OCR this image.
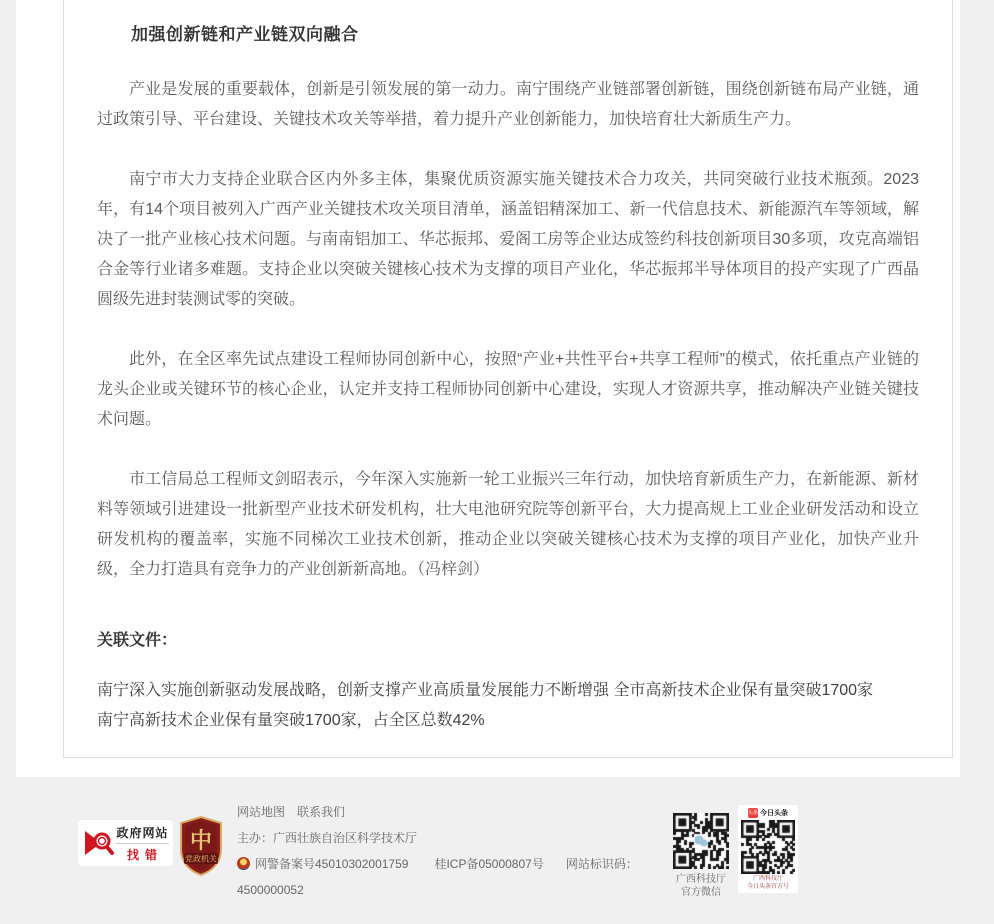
加强创新链和产业链双向融合

产业是发展的重要载体，创新是引领发展的第一动力。南宁围绕产业链部署创新链，围绕创新链布局产业链，通过政策引导、平台建设、关键技术攻关等举措，着力提升产业创新能力，加快培育壮大新质生产力。

南宁市大力支持企业联合区内外多主体，集聚优质资源实施关键技术合力攻关，共同突破行业技术瓶颈。2023年，有14个项目被列入广西产业关键技术攻关项目清单，涵盖铝精深加工、新一代信息技术、新能源汽车等领域，解决了一批产业核心技术问题。与南南铝加工、华芯振邦、爱阁工房等企业达成签约科技创新项目30多项，攻克高端铝合金等行业诸多难题。支持企业以突破关键核心技术为支撑的项目产业化，华芯振邦半导体项目的投产实现了广西晶圆级先进封装测试零的突破。

此外，在全区率先试点建设工程师协同创新中心，按照“产业+共性平台+共享工程师”的模式，依托重点产业链的龙头企业或关键环节的核心企业，认定并支持工程师协同创新中心建设，实现人才资源共享，推动解决产业链关键技术问题。

市工信局总工程师文剑昭表示，今年深入实施新一轮工业振兴三年行动，加快培育新质生产力，在新能源、新材料等领域引进建设一批新型产业技术研发机构，壮大电池研究院等创新平台，大力提高规上工业企业研发活动和设立研发机构的覆盖率，实施不同梯次工业技术创新，推动企业以突破关键核心技术为支撑的项目产业化，加快产业升级，全力打造具有竞争力的产业创新新高地。（冯梓剑）

关联文件：
南宁深入实施创新驱动发展战略，创新支撑产业高质量发展能力不断增强 全市高新技术企业保有量突破1700家
南宁高新技术企业保有量突破1700家，占全区总数42%
政府网站
找错
中
党政机关
网站地图 联系我们
主办：广西壮族自治区科学技术厅
网警备案号45010302001759 桂ICP备05000807号 网站标识码：
4500000052
广西科技厅
官方微信
头条 今日头条
广西科技厅
今日头条官方号
